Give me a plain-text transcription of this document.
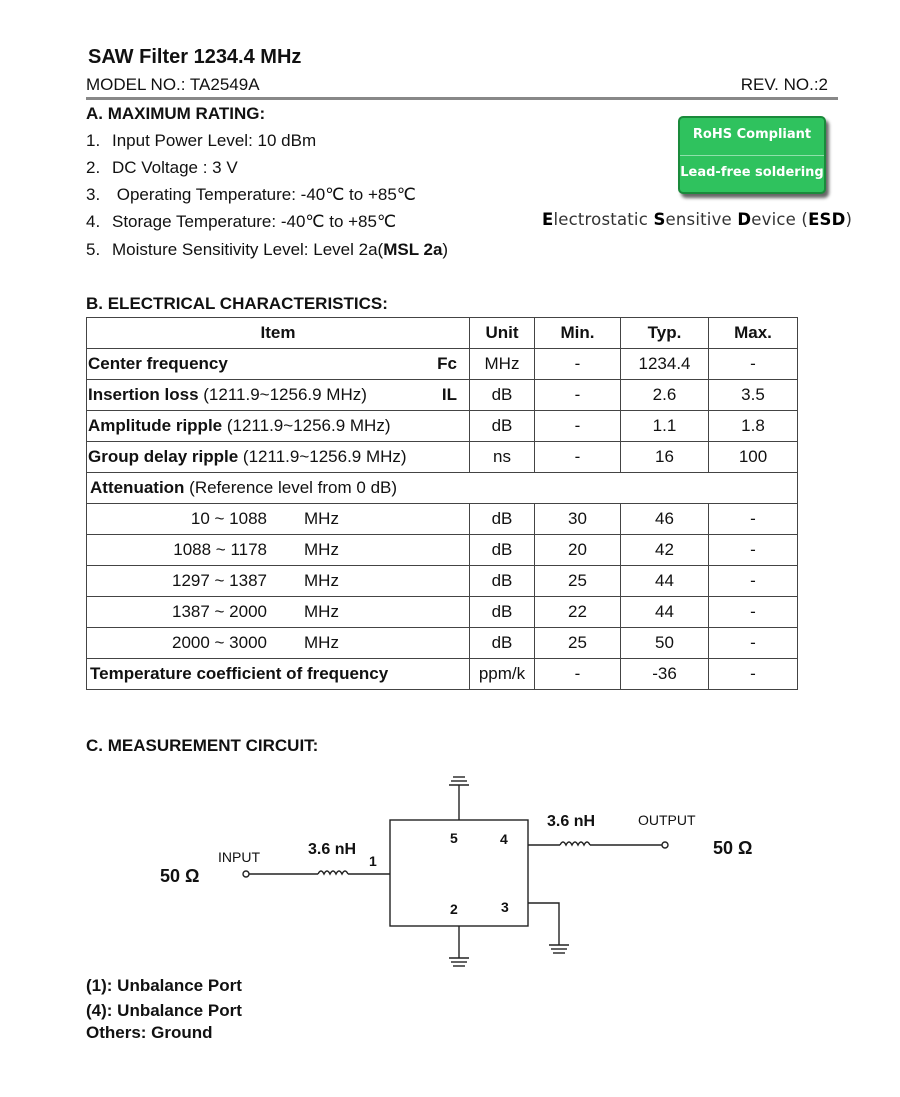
SAW Filter 1234.4 MHz
MODEL NO.: TA2549A	REV. NO.:2
A. MAXIMUM RATING:
1. Input Power Level: 10 dBm
2. DC Voltage : 3 V
3. Operating Temperature: -40℃ to +85℃
4. Storage Temperature: -40℃ to +85℃
5. Moisture Sensitivity Level: Level 2a(MSL 2a)
RoHS Compliant
Lead-free soldering
Electrostatic Sensitive Device (ESD)
B. ELECTRICAL CHARACTERISTICS:
Item	Unit	Min.	Typ.	Max.

Center frequency Fc	MHz	-	1234.4	-

Insertion loss (1211.9~1256.9 MHz) IL	dB	-	2.6	3.5

Amplitude ripple (1211.9~1256.9 MHz)	dB	-	1.1	1.8

Group delay ripple (1211.9~1256.9 MHz)	ns	-	16	100
Attenuation (Reference level from 0 dB)				

10 ~ 1088 MHz	dB	30	46	-

1088 ~ 1178 MHz	dB	20	42	-

1297 ~ 1387 MHz	dB	25	44	-

1387 ~ 2000 MHz	dB	22	44	-

2000 ~ 3000 MHz	dB	25	50	-
Temperature coefficient of frequency	ppm/k	-	-36	-
C. MEASUREMENT CIRCUIT:
INPUT
OUTPUT
50 Ω
50 Ω
3.6 nH
3.6 nH
1
2	3
4
5
(1): Unbalance Port
(4): Unbalance Port
Others: Ground
